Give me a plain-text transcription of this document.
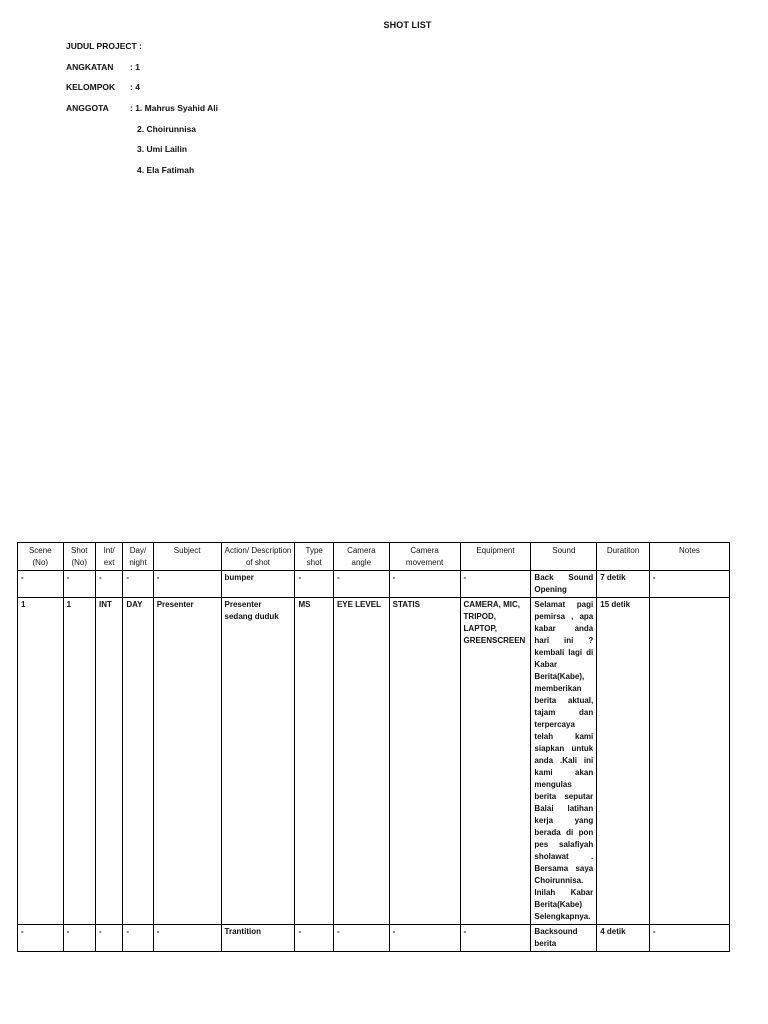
SHOT LIST
JUDUL PROJECT :
ANGKATAN : 1
KELOMPOK : 4
ANGGOTA : 1. Mahrus Syahid Ali
2. Choirunnisa
3. Umi Lailin
4. Ela Fatimah
Scene (No)	Shot (No)	Int/ ext	Day/ night	Subject	Action/ Description of shot	Type shot	Camera angle	Camera movement	Equipment	Sound	Duratiton	Notes
-	-	-	-	-	bumper	-	-	-	-	Back Sound Opening	7 detik	-
1	1	INT	DAY	Presenter	Presenter sedang duduk	MS	EYE LEVEL	STATIS	CAMERA, MIC, TRIPOD, LAPTOP, GREENSCREEN	Selamat pagi pemirsa , apa kabar anda hari ini ? kembali lagi di Kabar Berita(Kabe), memberikan berita aktual, tajam dan terpercaya telah kami siapkan untuk anda .Kali ini kami akan mengulas berita seputar Balai latihan kerja yang berada di pon pes salafiyah sholawat . Bersama saya Choirunnisa. Inilah Kabar Berita(Kabe) Selengkapnya.	15 detik	
-	-	-	-	-	Trantition	-	-	-	-	Backsound berita	4 detik	-
